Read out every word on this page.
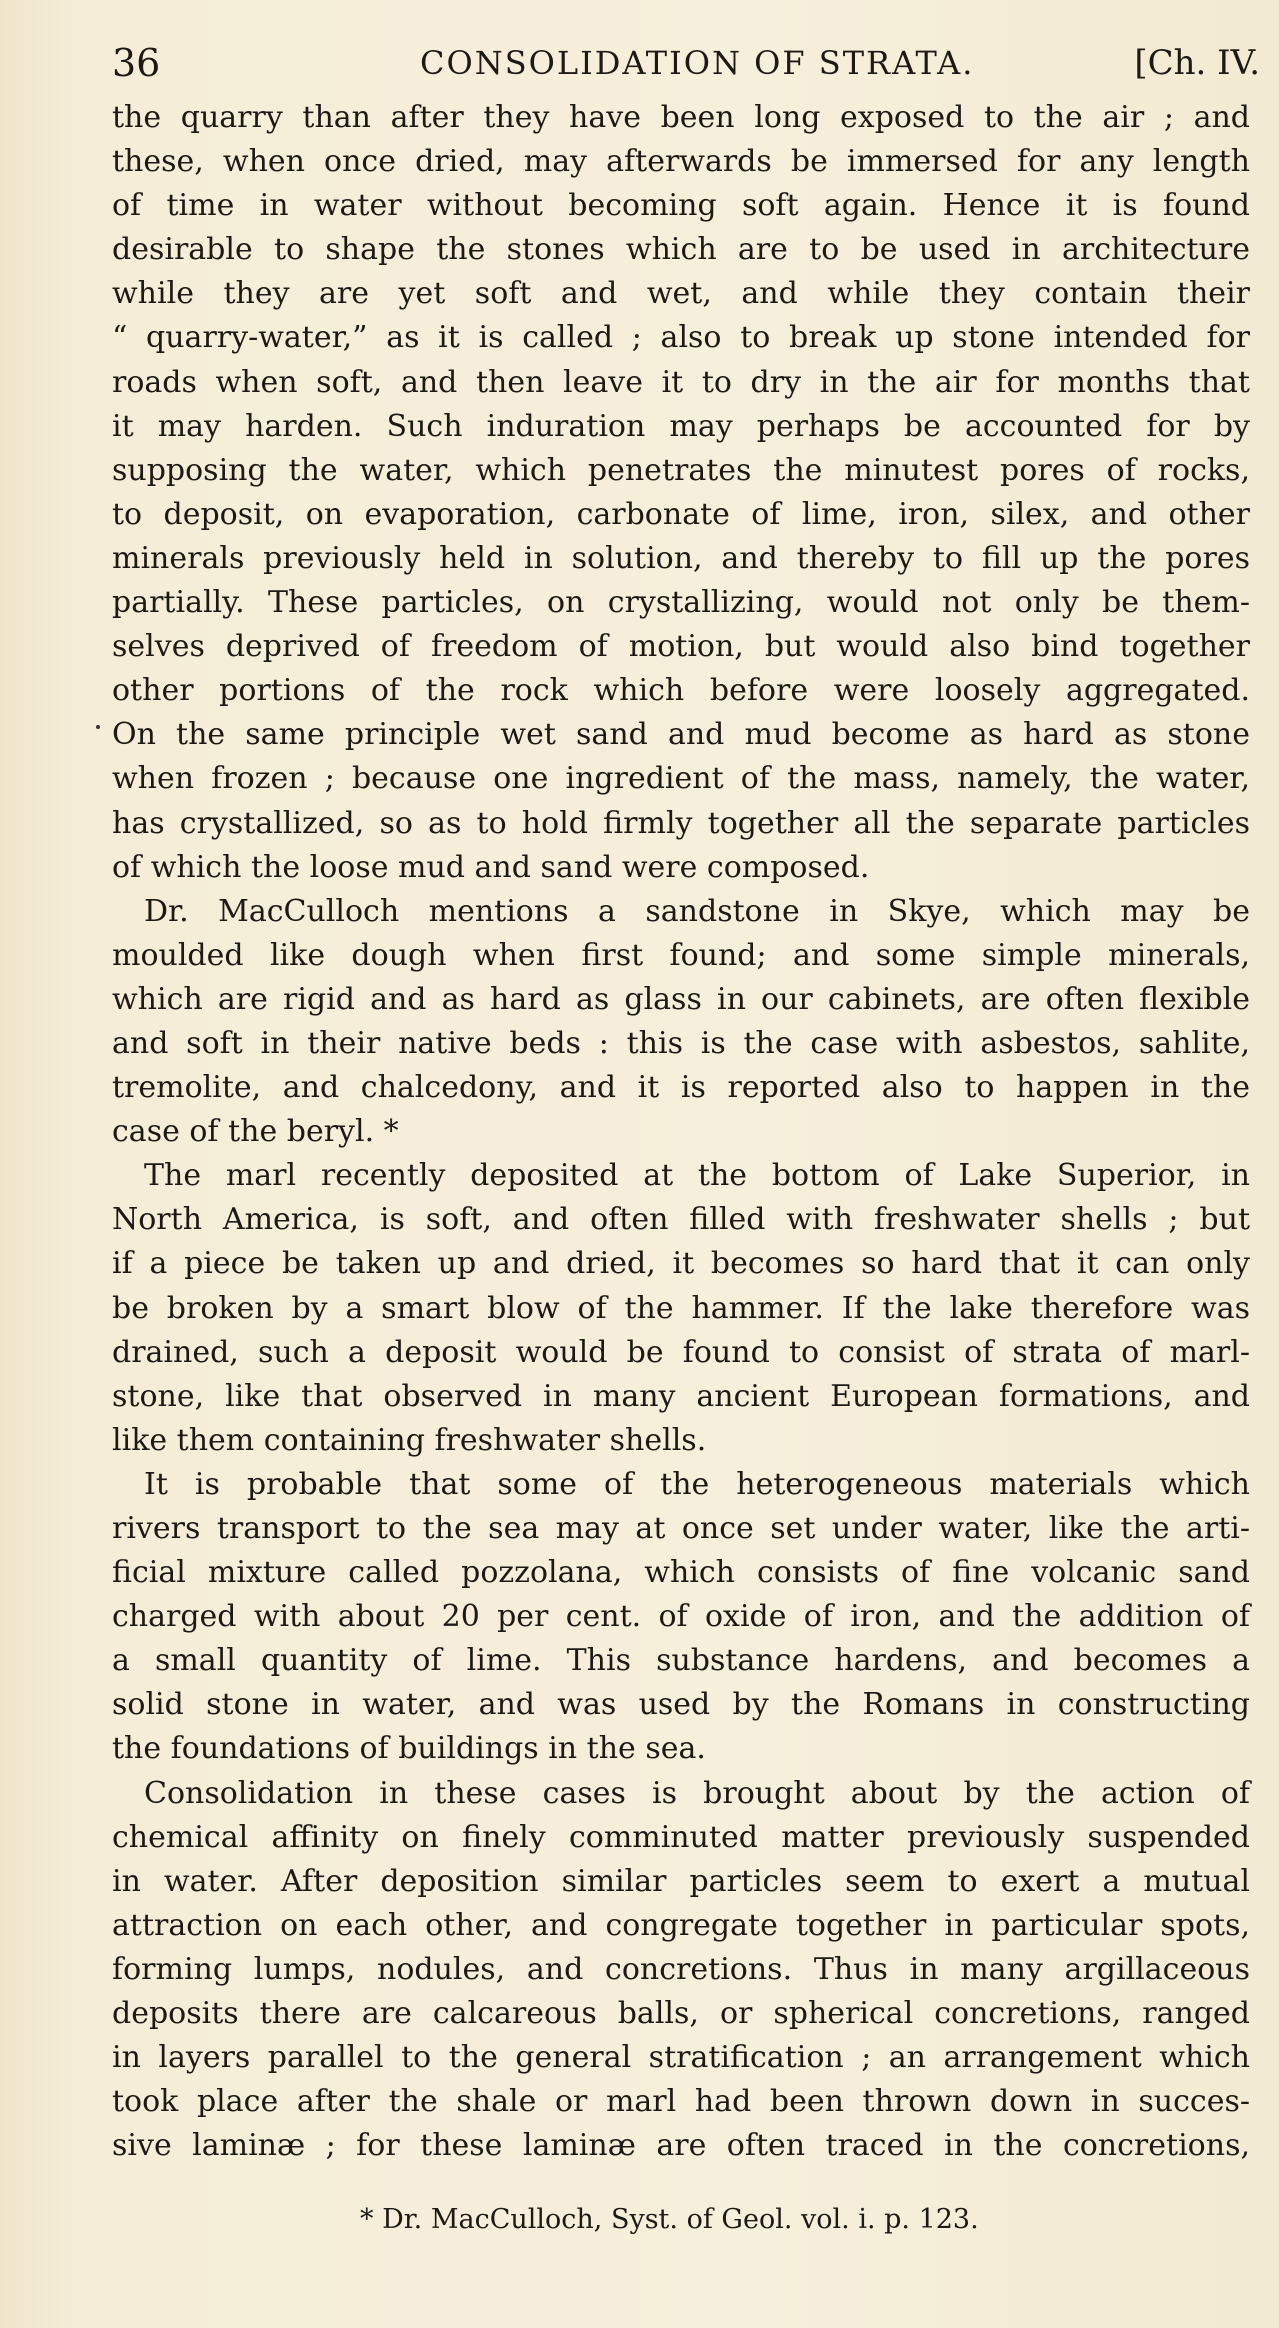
36	CONSOLIDATION OF STRATA.	[Ch. IV.
the quarry than after they have been long exposed to the air ; and
these, when once dried, may afterwards be immersed for any length
of time in water without becoming soft again. Hence it is found
desirable to shape the stones which are to be used in architecture
while they are yet soft and wet, and while they contain their
“ quarry-water,” as it is called ; also to break up stone intended for
roads when soft, and then leave it to dry in the air for months that
it may harden. Such induration may perhaps be accounted for by
supposing the water, which penetrates the minutest pores of rocks,
to deposit, on evaporation, carbonate of lime, iron, silex, and other
minerals previously held in solution, and thereby to fill up the pores
partially. These particles, on crystallizing, would not only be them-
selves deprived of freedom of motion, but would also bind together
other portions of the rock which before were loosely aggregated.
On the same principle wet sand and mud become as hard as stone
when frozen ; because one ingredient of the mass, namely, the water,
has crystallized, so as to hold firmly together all the separate particles
of which the loose mud and sand were composed.
Dr. MacCulloch mentions a sandstone in Skye, which may be
moulded like dough when first found; and some simple minerals,
which are rigid and as hard as glass in our cabinets, are often flexible
and soft in their native beds : this is the case with asbestos, sahlite,
tremolite, and chalcedony, and it is reported also to happen in the
case of the beryl. *
The marl recently deposited at the bottom of Lake Superior, in
North America, is soft, and often filled with freshwater shells ; but
if a piece be taken up and dried, it becomes so hard that it can only
be broken by a smart blow of the hammer. If the lake therefore was
drained, such a deposit would be found to consist of strata of marl-
stone, like that observed in many ancient European formations, and
like them containing freshwater shells.
It is probable that some of the heterogeneous materials which
rivers transport to the sea may at once set under water, like the arti-
ficial mixture called pozzolana, which consists of fine volcanic sand
charged with about 20 per cent. of oxide of iron, and the addition of
a small quantity of lime. This substance hardens, and becomes a
solid stone in water, and was used by the Romans in constructing
the foundations of buildings in the sea.
Consolidation in these cases is brought about by the action of
chemical affinity on finely comminuted matter previously suspended
in water. After deposition similar particles seem to exert a mutual
attraction on each other, and congregate together in particular spots,
forming lumps, nodules, and concretions. Thus in many argillaceous
deposits there are calcareous balls, or spherical concretions, ranged
in layers parallel to the general stratification ; an arrangement which
took place after the shale or marl had been thrown down in succes-
sive laminæ ; for these laminæ are often traced in the concretions,
* Dr. MacCulloch, Syst. of Geol. vol. i. p. 123.
